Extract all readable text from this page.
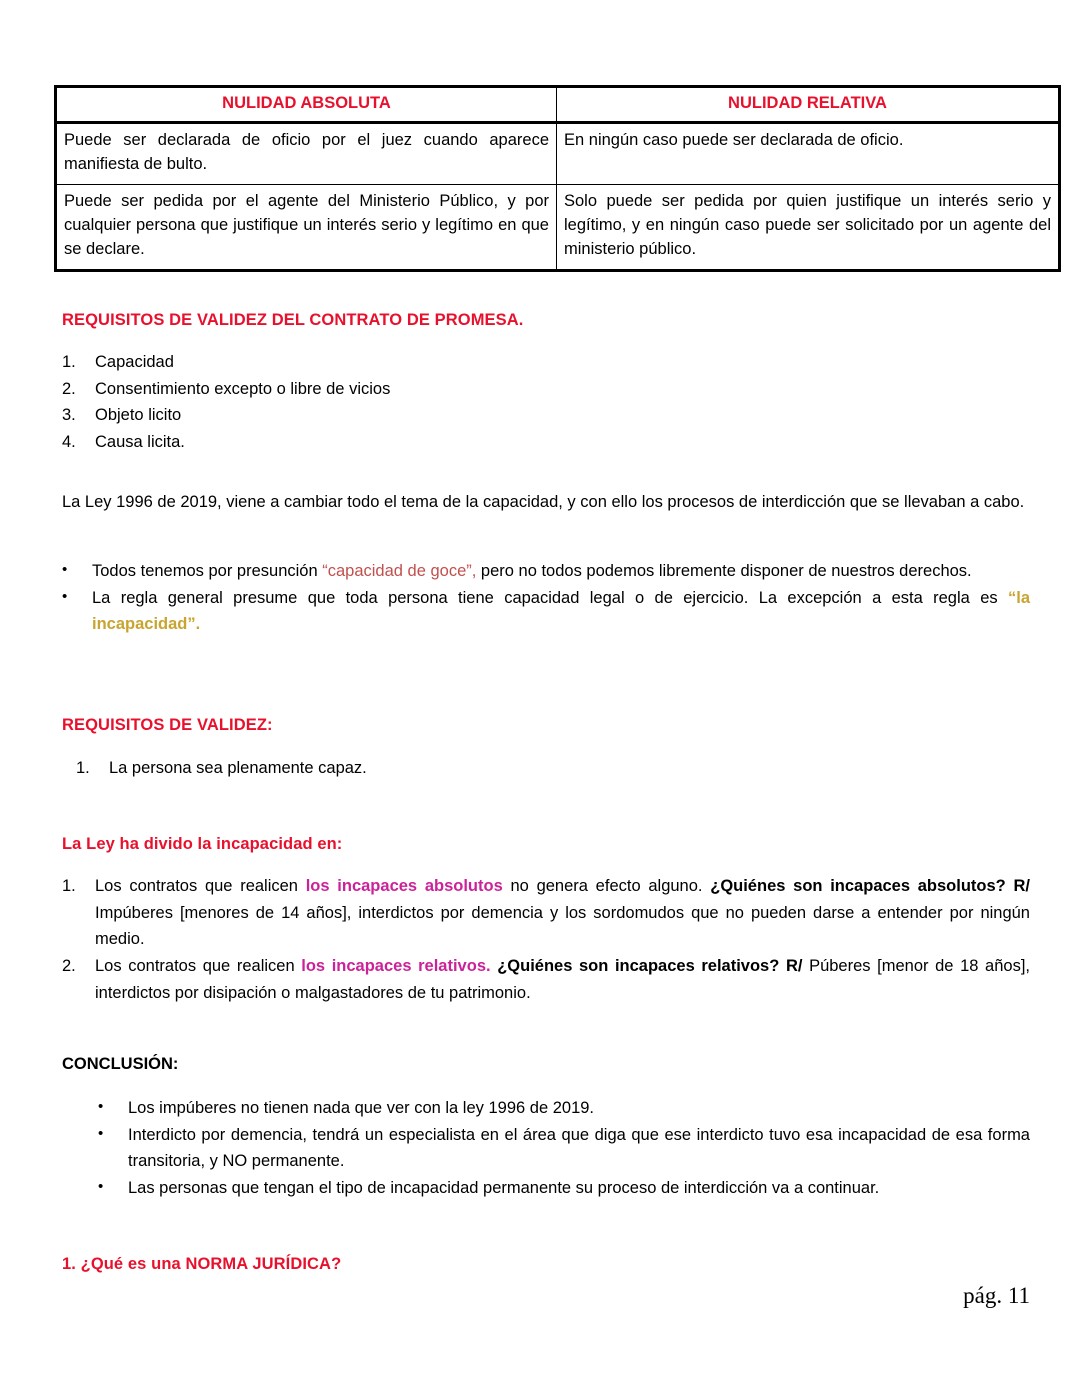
NULIDAD ABSOLUTA	NULIDAD RELATIVA
Puede ser declarada de oficio por el juez cuando aparece manifiesta de bulto.	En ningún caso puede ser declarada de oficio.
Puede ser pedida por el agente del Ministerio Público, y por cualquier persona que justifique un interés serio y legítimo en que se declare.	Solo puede ser pedida por quien justifique un interés serio y legítimo, y en ningún caso puede ser solicitado por un agente del ministerio público.
REQUISITOS DE VALIDEZ DEL CONTRATO DE PROMESA.
1.	Capacidad
2.	Consentimiento excepto o libre de vicios
3.	Objeto licito
4.	Causa licita.
La Ley 1996 de 2019, viene a cambiar todo el tema de la capacidad, y con ello los procesos de interdicción que se llevaban a cabo.
•	Todos tenemos por presunción “capacidad de goce”, pero no todos podemos libremente disponer de nuestros derechos.
•	La regla general presume que toda persona tiene capacidad legal o de ejercicio. La excepción a esta regla es “la incapacidad”.
REQUISITOS DE VALIDEZ:
1.	La persona sea plenamente capaz.
La Ley ha divido la incapacidad en:
1.	Los contratos que realicen los incapaces absolutos no genera efecto alguno. ¿Quiénes son incapaces absolutos? R/ Impúberes [menores de 14 años], interdictos por demencia y los sordomudos que no pueden darse a entender por ningún medio.
2.	Los contratos que realicen los incapaces relativos. ¿Quiénes son incapaces relativos? R/ Púberes [menor de 18 años], interdictos por disipación o malgastadores de tu patrimonio.
CONCLUSIÓN:
•	Los impúberes no tienen nada que ver con la ley 1996 de 2019.
•	Interdicto por demencia, tendrá un especialista en el área que diga que ese interdicto tuvo esa incapacidad de esa forma transitoria, y NO permanente.
•	Las personas que tengan el tipo de incapacidad permanente su proceso de interdicción va a continuar.
1. ¿Qué es una NORMA JURÍDICA?
pág. 11
